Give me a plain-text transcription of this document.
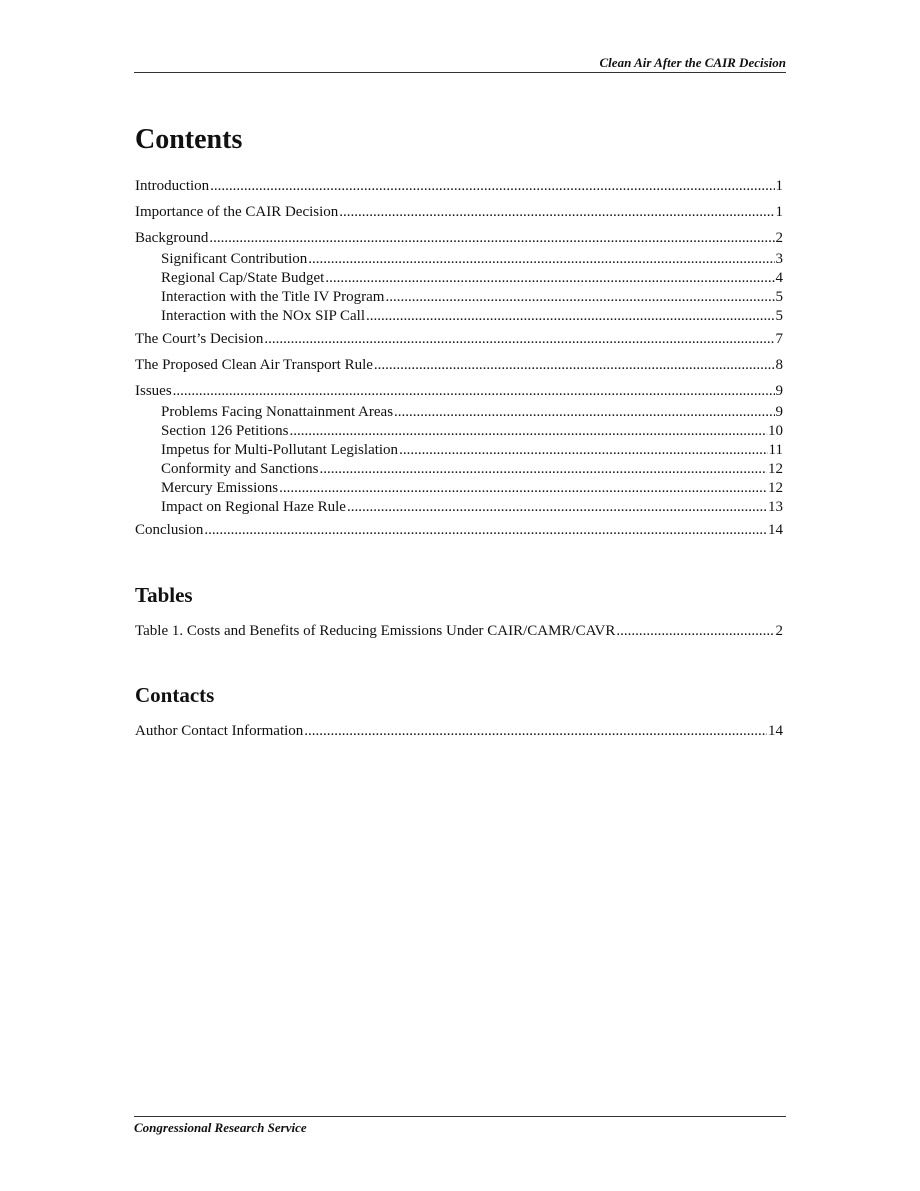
Clean Air After the CAIR Decision
Contents
Introduction .....	1
Importance of the CAIR Decision .....	1
Background .....	2
Significant Contribution .....	3
Regional Cap/State Budget .....	4
Interaction with the Title IV Program .....	5
Interaction with the NOx SIP Call .....	5
The Court’s Decision .....	7
The Proposed Clean Air Transport Rule .....	8
Issues .....	9
Problems Facing Nonattainment Areas .....	9
Section 126 Petitions .....	10
Impetus for Multi-Pollutant Legislation .....	11
Conformity and Sanctions .....	12
Mercury Emissions .....	12
Impact on Regional Haze Rule .....	13
Conclusion .....	14
Tables
Table 1. Costs and Benefits of Reducing Emissions Under CAIR/CAMR/CAVR .....	2
Contacts
Author Contact Information .....	14
Congressional Research Service
